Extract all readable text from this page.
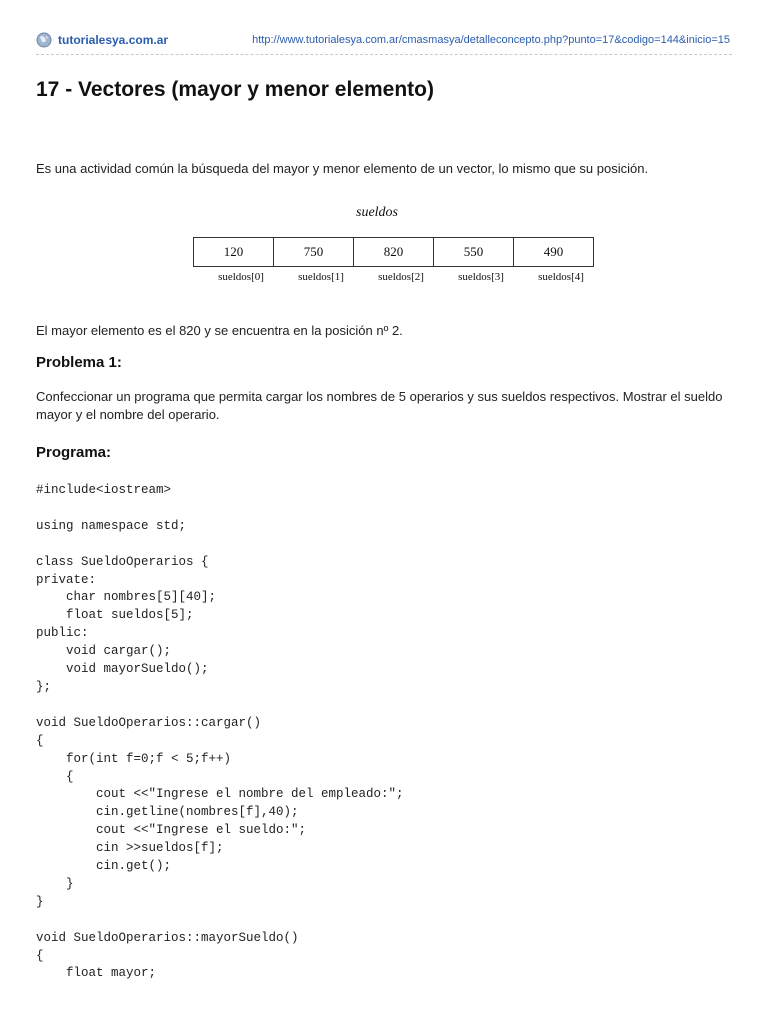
tutorialesya.com.ar	http://www.tutorialesya.com.ar/cmasmasya/detalleconcepto.php?punto=17&codigo=144&inicio=15
17 - Vectores (mayor y menor elemento)

Es una actividad común la búsqueda del mayor y menor elemento de un vector, lo mismo que su posición.

sueldos
120	750	820	550	490
sueldos[0]	sueldos[1]	sueldos[2]	sueldos[3]	sueldos[4]

El mayor elemento es el 820 y se encuentra en la posición nº 2.

Problema 1:

Confeccionar un programa que permita cargar los nombres de 5 operarios y sus sueldos respectivos. Mostrar el sueldo mayor y el nombre del operario.

Programa:
#include<iostream>

using namespace std;

class SueldoOperarios {
private:
char nombres[5][40];
float sueldos[5];
public:
void cargar();
void mayorSueldo();
};

void SueldoOperarios::cargar()
{
for(int f=0;f < 5;f++)
{
cout <<"Ingrese el nombre del empleado:";
cin.getline(nombres[f],40);
cout <<"Ingrese el sueldo:";
cin >>sueldos[f];
cin.get();
}
}

void SueldoOperarios::mayorSueldo()
{
float mayor;
